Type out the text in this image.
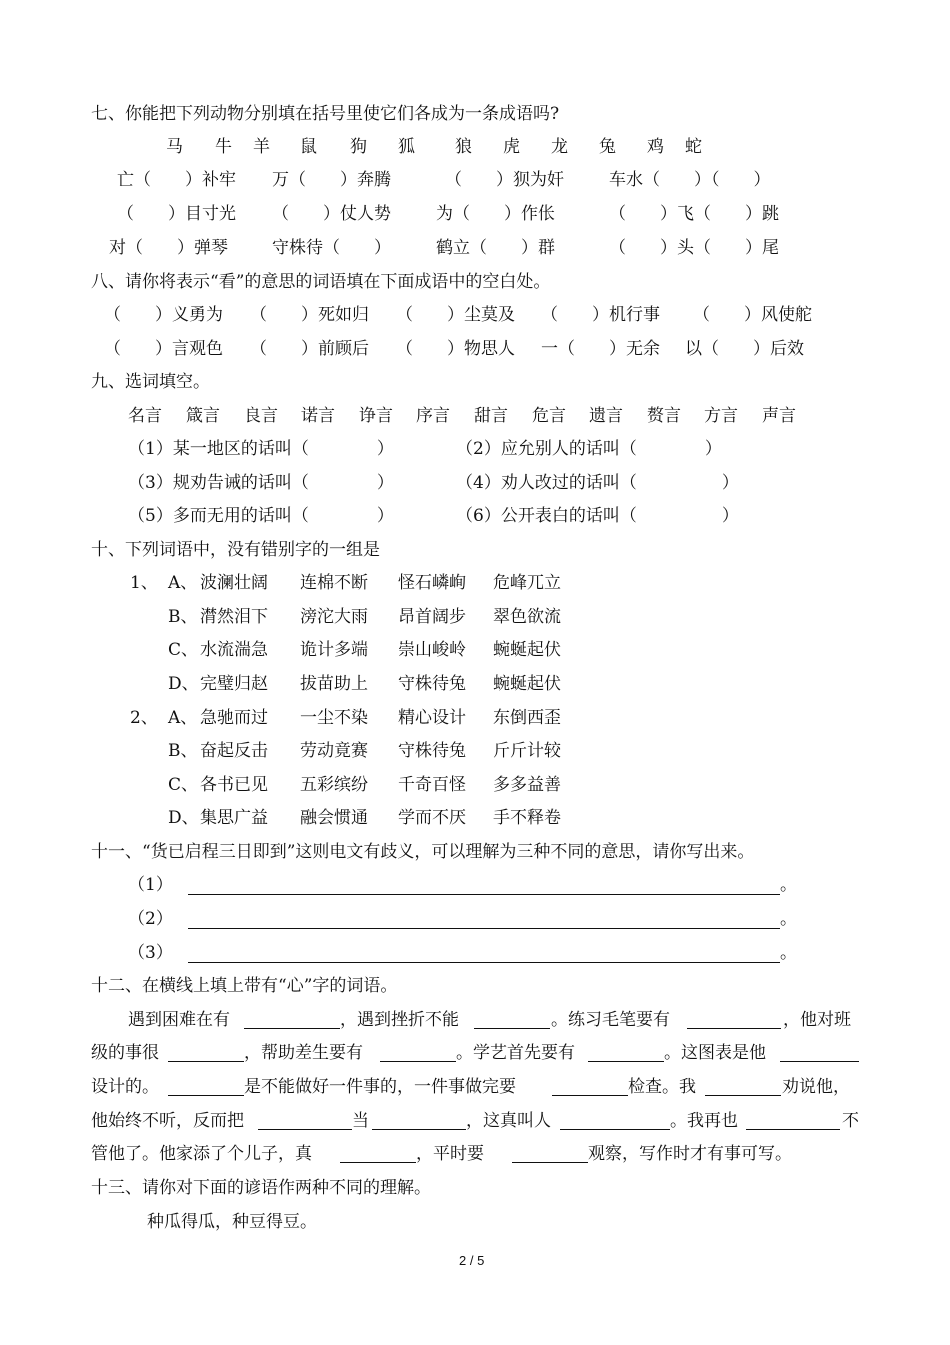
七、你能把下列动物分别填在括号里使它们各成为一条成语吗?
马 牛 羊 鼠 狗 狐 狼 虎 龙 兔 鸡 蛇
亡（　　）补牢 万（　　）奔腾	（　　）狈为奸	车水（　　）（　　）
（　　）目寸光 （　　）仗人势	为（　　）作伥	（　　）飞（　　）跳
对（　　）弹琴	守株待（　　）	鹤立（　　）群	（　　）头（　　）尾
八、请你将表示“看”的意思的词语填在下面成语中的空白处。
（　　）义勇为 （　　）死如归 （　　）尘莫及 （　　）机行事 （　　）风使舵
（　　）言观色 （　　）前顾后 （　　）物思人 一（　　）无余 以（　　）后效
九、选词填空。
名言 箴言 良言 诺言 诤言 序言 甜言 危言 遗言 赘言 方言 声言
（1）某一地区的话叫（　　　　）	（2）应允别人的话叫（　　　　）
（3）规劝告诫的话叫（　　　　）	（4）劝人改过的话叫（　　　　　）
（5）多而无用的话叫（　　　　）	（6）公开表白的话叫（　　　　　）
十、下列词语中，没有错别字的一组是
1、 A、 波澜壮阔 连棉不断 怪石嶙峋 危峰兀立
B、 潸然泪下 滂沱大雨 昂首阔步 翠色欲流
C、 水流湍急 诡计多端 崇山峻岭 蜿蜒起伏
D、 完璧归赵 拔苗助上 守株待兔 蜿蜒起伏
2、 A、 急驰而过 一尘不染 精心设计 东倒西歪
B、 奋起反击 劳动竟赛 守株待兔 斤斤计较
C、 各书已见 五彩缤纷 千奇百怪 多多益善
D、 集思广益 融会惯通 学而不厌 手不释卷
十一、“货已启程三日即到”这则电文有歧义，可以理解为三种不同的意思，请你写出来。
（1）	。
（2）	。
（3）	。
十二、在横线上填上带有“心”字的词语。
遇到困难在有	，遇到挫折不能	。练习毛笔要有	，他对班
级的事很	，帮助差生要有	。学艺首先要有	。这图表是他
设计的。	是不能做好一件事的，一件事做完要	检查。我	劝说他，
他始终不听，反而把	当	，这真叫人	。我再也	不
管他了。他家添了个儿子，真	，平时要	观察，写作时才有事可写。
十三、请你对下面的谚语作两种不同的理解。
种瓜得瓜，种豆得豆。
2 / 5
